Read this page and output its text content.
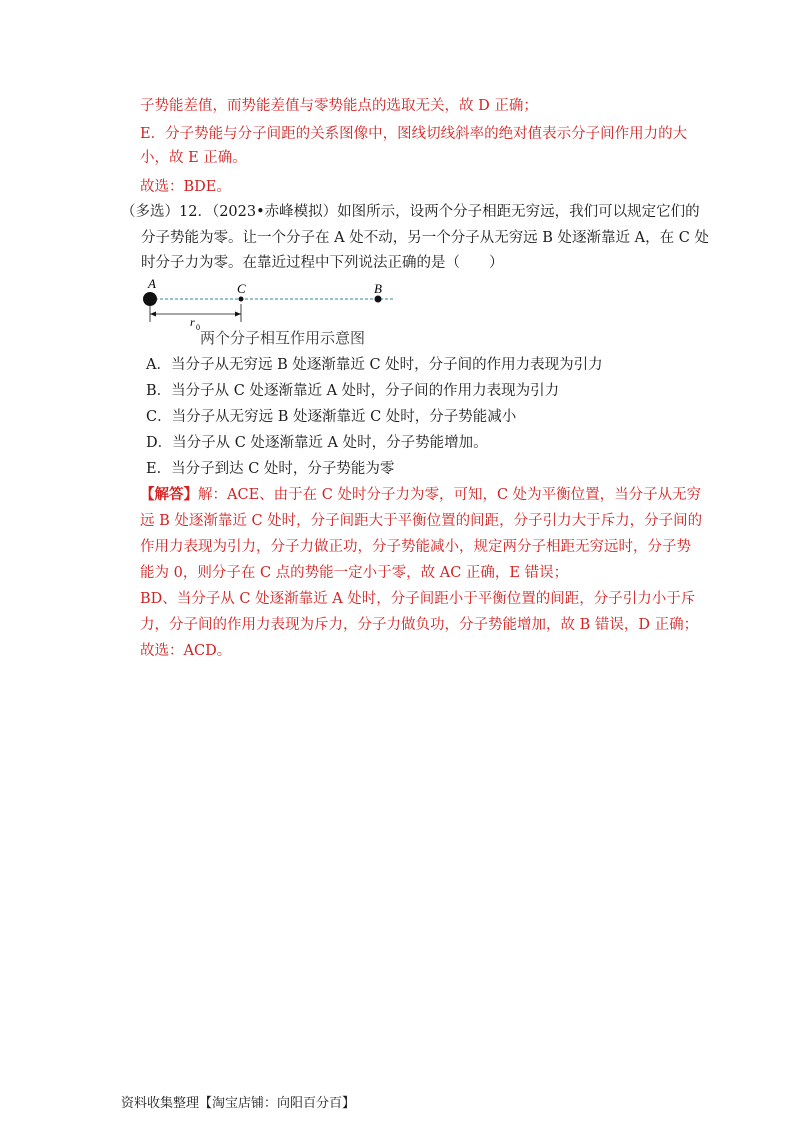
子势能差值，而势能差值与零势能点的选取无关，故 D 正确；
E．分子势能与分子间距的关系图像中，图线切线斜率的绝对值表示分子间作用力的大
小，故 E 正确。
故选：BDE。
（多选）12．（2023•赤峰模拟）如图所示，设两个分子相距无穷远，我们可以规定它们的
分子势能为零。让一个分子在 A 处不动，另一个分子从无穷远 B 处逐渐靠近 A，在 C 处
时分子力为零。在靠近过程中下列说法正确的是（　　）
A	C	B
r 0
两个分子相互作用示意图
A．当分子从无穷远 B 处逐渐靠近 C 处时，分子间的作用力表现为引力
B．当分子从 C 处逐渐靠近 A 处时，分子间的作用力表现为引力
C．当分子从无穷远 B 处逐渐靠近 C 处时，分子势能减小
D．当分子从 C 处逐渐靠近 A 处时，分子势能增加。
E．当分子到达 C 处时，分子势能为零
【解答】解：ACE、由于在 C 处时分子力为零，可知，C 处为平衡位置，当分子从无穷
远 B 处逐渐靠近 C 处时，分子间距大于平衡位置的间距，分子引力大于斥力，分子间的
作用力表现为引力，分子力做正功，分子势能减小，规定两分子相距无穷远时，分子势
能为 0，则分子在 C 点的势能一定小于零，故 AC 正确，E 错误；
BD、当分子从 C 处逐渐靠近 A 处时，分子间距小于平衡位置的间距，分子引力小于斥
力，分子间的作用力表现为斥力，分子力做负功，分子势能增加，故 B 错误，D 正确；
故选：ACD。
资料收集整理【淘宝店铺：向阳百分百】
